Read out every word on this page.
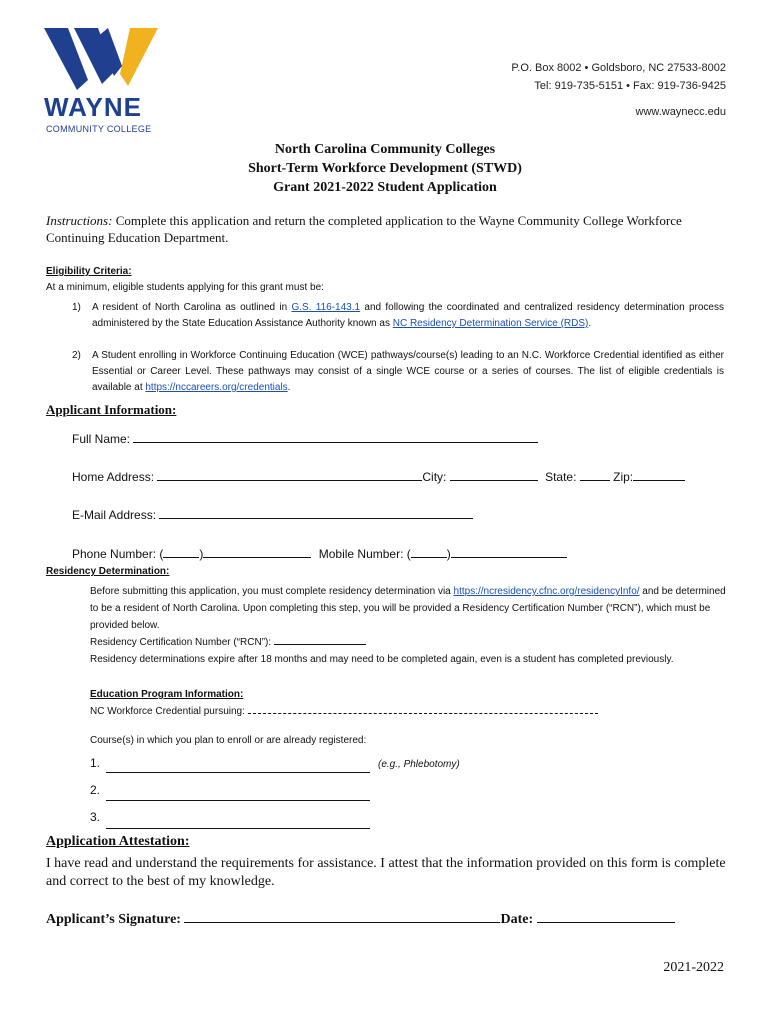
WAYNE
COMMUNITY COLLEGE
P.O. Box 8002 • Goldsboro, NC 27533-8002
Tel: 919-735-5151 • Fax: 919-736-9425
www.waynecc.edu
North Carolina Community Colleges
Short-Term Workforce Development (STWD)
Grant 2021-2022 Student Application
Instructions: Complete this application and return the completed application to the Wayne Community College Workforce Continuing Education Department.
Eligibility Criteria:
At a minimum, eligible students applying for this grant must be:
1) A resident of North Carolina as outlined in G.S. 116-143.1 and following the coordinated and centralized residency determination process administered by the State Education Assistance Authority known as NC Residency Determination Service (RDS).
2) A Student enrolling in Workforce Continuing Education (WCE) pathways/course(s) leading to an N.C. Workforce Credential identified as either Essential or Career Level. These pathways may consist of a single WCE course or a series of courses. The list of eligible credentials is available at https://nccareers.org/credentials.
Applicant Information:
Full Name:
Home Address:	City:	State:	Zip:
E-Mail Address:
Phone Number: (	)	Mobile Number: (	)
Residency Determination:
Before submitting this application, you must complete residency determination via https://ncresidency.cfnc.org/residencyInfo/ and be determined to be a resident of North Carolina. Upon completing this step, you will be provided a Residency Certification Number (“RCN”), which must be provided below.
Residency Certification Number (“RCN”):
Residency determinations expire after 18 months and may need to be completed again, even is a student has completed previously.
Education Program Information:
NC Workforce Credential pursuing:
Course(s) in which you plan to enroll or are already registered:
1.	(e.g., Phlebotomy)
2.
3.
Application Attestation:
I have read and understand the requirements for assistance. I attest that the information provided on this form is complete and correct to the best of my knowledge.
Applicant’s Signature:	Date:
2021-2022
